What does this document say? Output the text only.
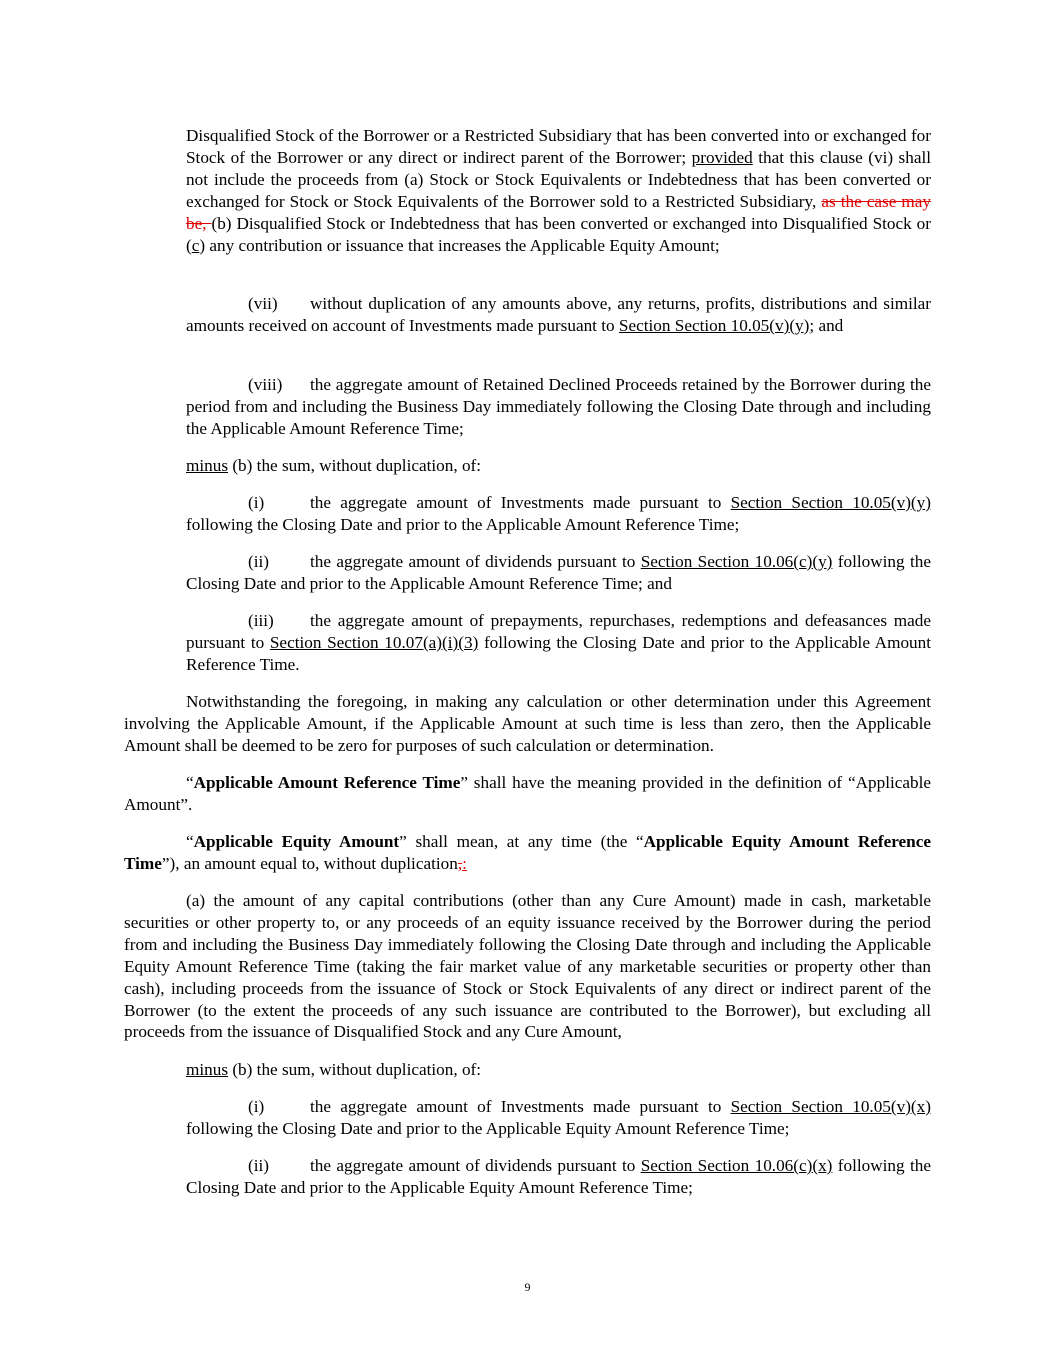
Disqualified Stock of the Borrower or a Restricted Subsidiary that has been converted into or exchanged for Stock of the Borrower or any direct or indirect parent of the Borrower; provided that this clause (vi) shall not include the proceeds from (a) Stock or Stock Equivalents or Indebtedness that has been converted or exchanged for Stock or Stock Equivalents of the Borrower sold to a Restricted Subsidiary, as the case may be, (b) Disqualified Stock or Indebtedness that has been converted or exchanged into Disqualified Stock or (c) any contribution or issuance that increases the Applicable Equity Amount;
(vii) without duplication of any amounts above, any returns, profits, distributions and similar amounts received on account of Investments made pursuant to Section Section 10.05(v)(y); and
(viii) the aggregate amount of Retained Declined Proceeds retained by the Borrower during the period from and including the Business Day immediately following the Closing Date through and including the Applicable Amount Reference Time;
minus (b) the sum, without duplication, of:
(i)	the aggregate amount of Investments made pursuant to Section Section 10.05(v)(y) following the Closing Date and prior to the Applicable Amount Reference Time;
(ii) the aggregate amount of dividends pursuant to Section Section 10.06(c)(y) following the Closing Date and prior to the Applicable Amount Reference Time; and
(iii) the aggregate amount of prepayments, repurchases, redemptions and defeasances made pursuant to Section Section 10.07(a)(i)(3) following the Closing Date and prior to the Applicable Amount Reference Time.
Notwithstanding the foregoing, in making any calculation or other determination under this Agreement involving the Applicable Amount, if the Applicable Amount at such time is less than zero, then the Applicable Amount shall be deemed to be zero for purposes of such calculation or determination.
“Applicable Amount Reference Time” shall have the meaning provided in the definition of “Applicable Amount”.
“Applicable Equity Amount” shall mean, at any time (the “Applicable Equity Amount Reference Time”), an amount equal to, without duplication,:
(a) the amount of any capital contributions (other than any Cure Amount) made in cash, marketable securities or other property to, or any proceeds of an equity issuance received by the Borrower during the period from and including the Business Day immediately following the Closing Date through and including the Applicable Equity Amount Reference Time (taking the fair market value of any marketable securities or property other than cash), including proceeds from the issuance of Stock or Stock Equivalents of any direct or indirect parent of the Borrower (to the extent the proceeds of any such issuance are contributed to the Borrower), but excluding all proceeds from the issuance of Disqualified Stock and any Cure Amount,
minus (b) the sum, without duplication, of:
(i)	the aggregate amount of Investments made pursuant to Section Section 10.05(v)(x) following the Closing Date and prior to the Applicable Equity Amount Reference Time;
(ii) the aggregate amount of dividends pursuant to Section Section 10.06(c)(x) following the Closing Date and prior to the Applicable Equity Amount Reference Time;
9
